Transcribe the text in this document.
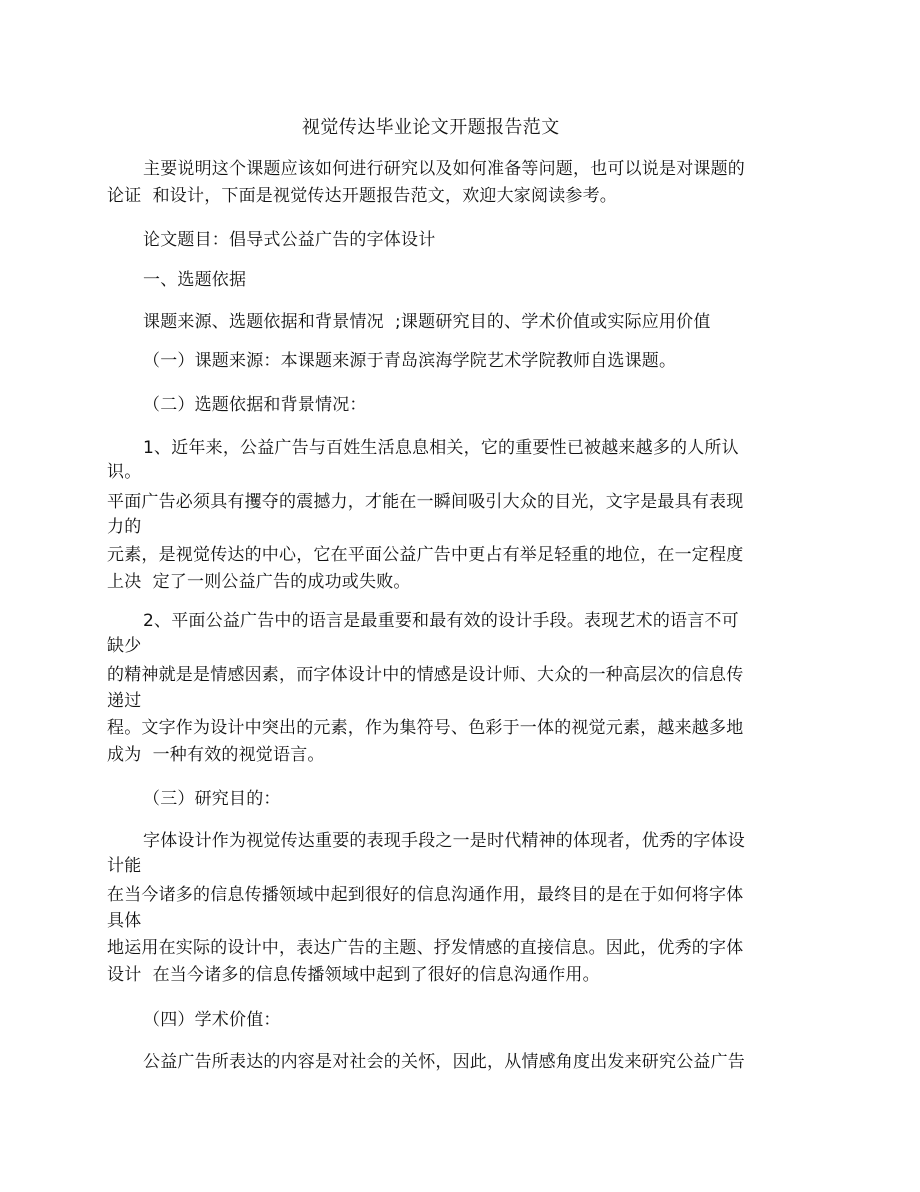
视觉传达毕业论文开题报告范文
主要说明这个课题应该如何进行研究以及如何准备等问题，也可以说是对课题的
论证  和设计，下面是视觉传达开题报告范文，欢迎大家阅读参考。
论文题目：倡导式公益广告的字体设计
一、选题依据
课题来源、选题依据和背景情况  ;课题研究目的、学术价值或实际应用价值
（一）课题来源：本课题来源于青岛滨海学院艺术学院教师自选课题。
（二）选题依据和背景情况：
1、近年来，公益广告与百姓生活息息相关，它的重要性已被越来越多的人所认
识。
平面广告必须具有攫夺的震撼力，才能在一瞬间吸引大众的目光，文字是最具有表现
力的
元素，是视觉传达的中心，它在平面公益广告中更占有举足轻重的地位，在一定程度
上决  定了一则公益广告的成功或失败。
2、平面公益广告中的语言是最重要和最有效的设计手段。表现艺术的语言不可
缺少
的精神就是是情感因素，而字体设计中的情感是设计师、大众的一种高层次的信息传
递过
程。文字作为设计中突出的元素，作为集符号、色彩于一体的视觉元素，越来越多地
成为  一种有效的视觉语言。
（三）研究目的：
字体设计作为视觉传达重要的表现手段之一是时代精神的体现者，优秀的字体设
计能
在当今诸多的信息传播领域中起到很好的信息沟通作用，最终目的是在于如何将字体
具体
地运用在实际的设计中，表达广告的主题、抒发情感的直接信息。因此，优秀的字体
设计  在当今诸多的信息传播领域中起到了很好的信息沟通作用。
（四）学术价值：
公益广告所表达的内容是对社会的关怀，因此，从情感角度出发来研究公益广告
